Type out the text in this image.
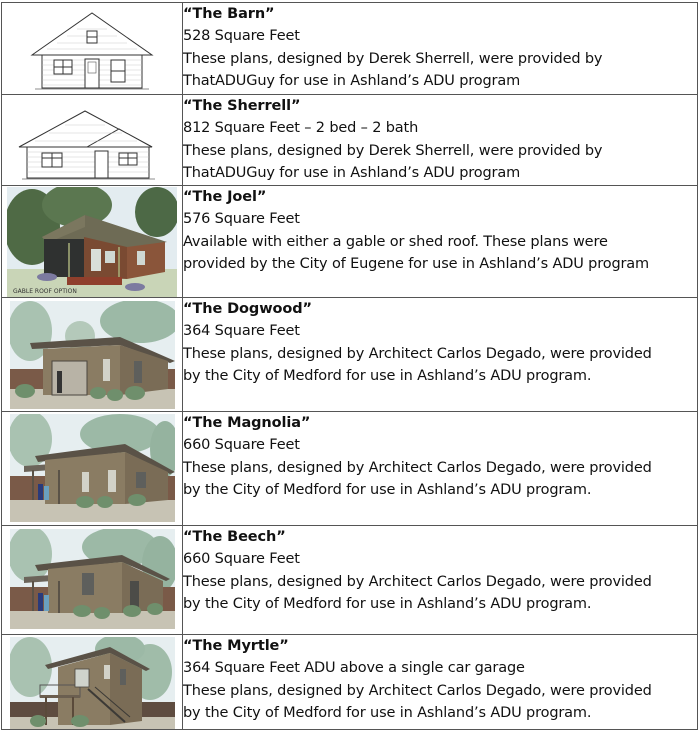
“The Barn”
528 Square Feet
These plans, designed by Derek Sherrell, were provided by
ThatADUGuy for use in Ashland’s ADU program

“The Sherrell”
812 Square Feet – 2 bed – 2 bath
These plans, designed by Derek Sherrell, were provided by
ThatADUGuy for use in Ashland’s ADU program

GABLE ROOF OPTION	“The Joel”
576 Square Feet
Available with either a gable or shed roof. These plans were
provided by the City of Eugene for use in Ashland’s ADU program

“The Dogwood”
364 Square Feet
These plans, designed by Architect Carlos Degado, were provided
by the City of Medford for use in Ashland’s ADU program.

“The Magnolia”
660 Square Feet
These plans, designed by Architect Carlos Degado, were provided
by the City of Medford for use in Ashland’s ADU program.

“The Beech”
660 Square Feet
These plans, designed by Architect Carlos Degado, were provided
by the City of Medford for use in Ashland’s ADU program.

“The Myrtle”
364 Square Feet ADU above a single car garage
These plans, designed by Architect Carlos Degado, were provided
by the City of Medford for use in Ashland’s ADU program.
